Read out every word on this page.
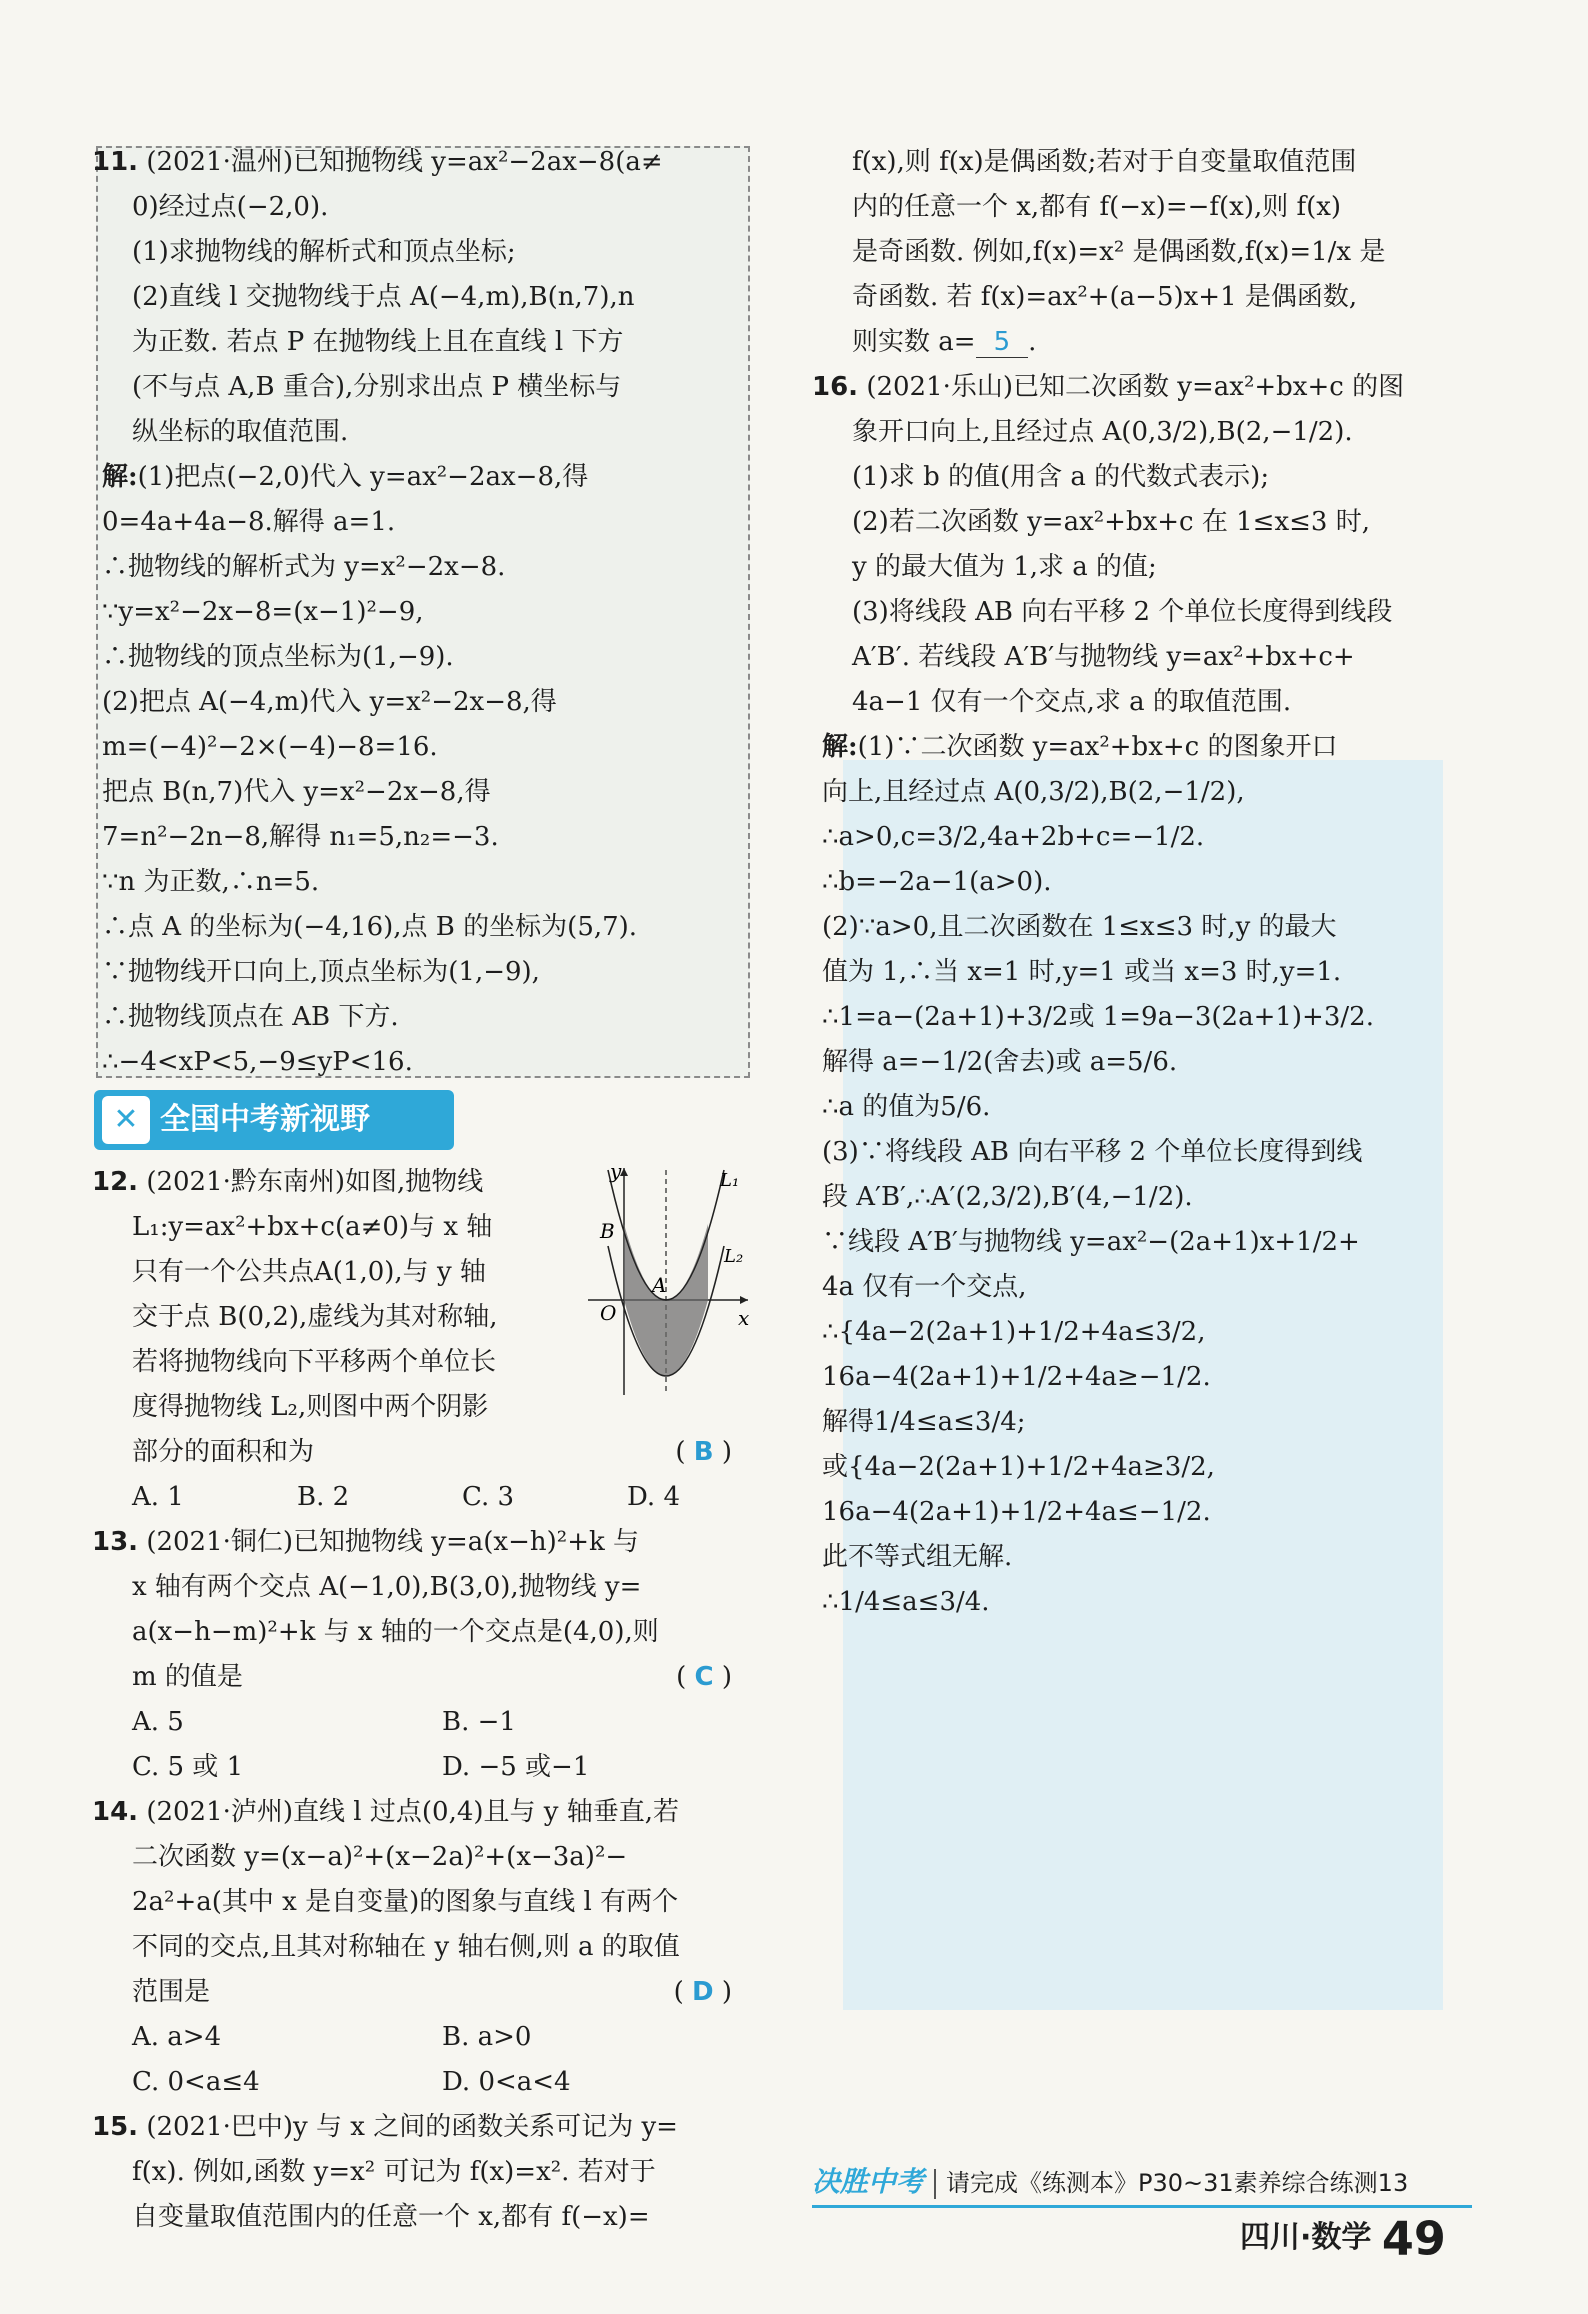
11. (2021·温州)已知抛物线 y=ax²−2ax−8(a≠
0)经过点(−2,0).
(1)求抛物线的解析式和顶点坐标;
(2)直线 l 交抛物线于点 A(−4,m),B(n,7),n
为正数. 若点 P 在抛物线上且在直线 l 下方
(不与点 A,B 重合),分别求出点 P 横坐标与
纵坐标的取值范围.
解:(1)把点(−2,0)代入 y=ax²−2ax−8,得
0=4a+4a−8.解得 a=1.
∴抛物线的解析式为 y=x²−2x−8.
∵y=x²−2x−8=(x−1)²−9,
∴抛物线的顶点坐标为(1,−9).
(2)把点 A(−4,m)代入 y=x²−2x−8,得
m=(−4)²−2×(−4)−8=16.
把点 B(n,7)代入 y=x²−2x−8,得
7=n²−2n−8,解得 n₁=5,n₂=−3.
∵n 为正数,∴n=5.
∴点 A 的坐标为(−4,16),点 B 的坐标为(5,7).
∵抛物线开口向上,顶点坐标为(1,−9),
∴抛物线顶点在 AB 下方.
∴−4<xP<5,−9≤yP<16.
✕ 全国中考新视野
12. (2021·黔东南州)如图,抛物线
L₁:y=ax²+bx+c(a≠0)与 x 轴
只有一个公共点A(1,0),与 y 轴
交于点 B(0,2),虚线为其对称轴,
若将抛物线向下平移两个单位长
度得抛物线 L₂,则图中两个阴影
部分的面积和为	( B )
A. 1	B. 2	C. 3	D. 4
13. (2021·铜仁)已知抛物线 y=a(x−h)²+k 与
x 轴有两个交点 A(−1,0),B(3,0),抛物线 y=
a(x−h−m)²+k 与 x 轴的一个交点是(4,0),则
m 的值是	( C )
A. 5	B. −1
C. 5 或 1	D. −5 或−1
14. (2021·泸州)直线 l 过点(0,4)且与 y 轴垂直,若
二次函数 y=(x−a)²+(x−2a)²+(x−3a)²−
2a²+a(其中 x 是自变量)的图象与直线 l 有两个
不同的交点,且其对称轴在 y 轴右侧,则 a 的取值
范围是	( D )
A. a>4	B. a>0
C. 0<a≤4	D. 0<a<4
15. (2021·巴中)y 与 x 之间的函数关系可记为 y=
f(x). 例如,函数 y=x² 可记为 f(x)=x². 若对于
自变量取值范围内的任意一个 x,都有 f(−x)=
y
x
O
A
B
L₁
L₂
f(x),则 f(x)是偶函数;若对于自变量取值范围
内的任意一个 x,都有 f(−x)=−f(x),则 f(x)
是奇函数. 例如,f(x)=x² 是偶函数,f(x)=1/x 是
奇函数. 若 f(x)=ax²+(a−5)x+1 是偶函数,
则实数 a= 5 .
16. (2021·乐山)已知二次函数 y=ax²+bx+c 的图
象开口向上,且经过点 A(0,3/2),B(2,−1/2).
(1)求 b 的值(用含 a 的代数式表示);
(2)若二次函数 y=ax²+bx+c 在 1≤x≤3 时,
y 的最大值为 1,求 a 的值;
(3)将线段 AB 向右平移 2 个单位长度得到线段
A′B′. 若线段 A′B′与抛物线 y=ax²+bx+c+
4a−1 仅有一个交点,求 a 的取值范围.
解:(1)∵二次函数 y=ax²+bx+c 的图象开口
向上,且经过点 A(0,3/2),B(2,−1/2),
∴a>0,c=3/2,4a+2b+c=−1/2.
∴b=−2a−1(a>0).
(2)∵a>0,且二次函数在 1≤x≤3 时,y 的最大
值为 1,∴当 x=1 时,y=1 或当 x=3 时,y=1.
∴1=a−(2a+1)+3/2或 1=9a−3(2a+1)+3/2.
解得 a=−1/2(舍去)或 a=5/6.
∴a 的值为5/6.
(3)∵将线段 AB 向右平移 2 个单位长度得到线
段 A′B′,∴A′(2,3/2),B′(4,−1/2).
∵线段 A′B′与抛物线 y=ax²−(2a+1)x+1/2+
4a 仅有一个交点,
∴{4a−2(2a+1)+1/2+4a≤3/2, 16a−4(2a+1)+1/2+4a≥−1/2.
解得1/4≤a≤3/4;
或{4a−2(2a+1)+1/2+4a≥3/2, 16a−4(2a+1)+1/2+4a≤−1/2.
此不等式组无解.
∴1/4≤a≤3/4.
决胜中考 请完成《练测本》P30~31素养综合练测13
四川·数学 49
